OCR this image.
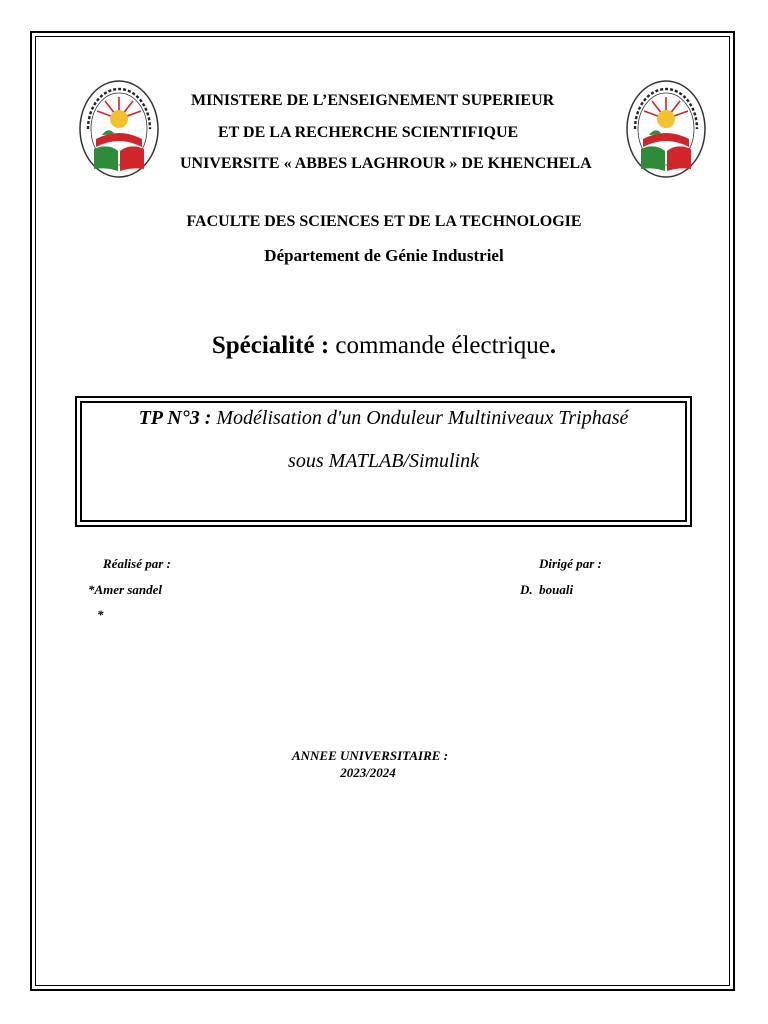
MINISTERE DE L’ENSEIGNEMENT SUPERIEUR
ET DE LA RECHERCHE SCIENTIFIQUE
UNIVERSITE « ABBES LAGHROUR » DE KHENCHELA
FACULTE DES SCIENCES ET DE LA TECHNOLOGIE
Département de Génie Industriel
Spécialité : commande électrique.
TP N°3 : Modélisation d'un Onduleur Multiniveaux Triphasé
sous MATLAB/Simulink
Réalisé par :
*Amer sandel
*
Dirigé par :
D.  bouali
ANNEE UNIVERSITAIRE :
2023/2024
